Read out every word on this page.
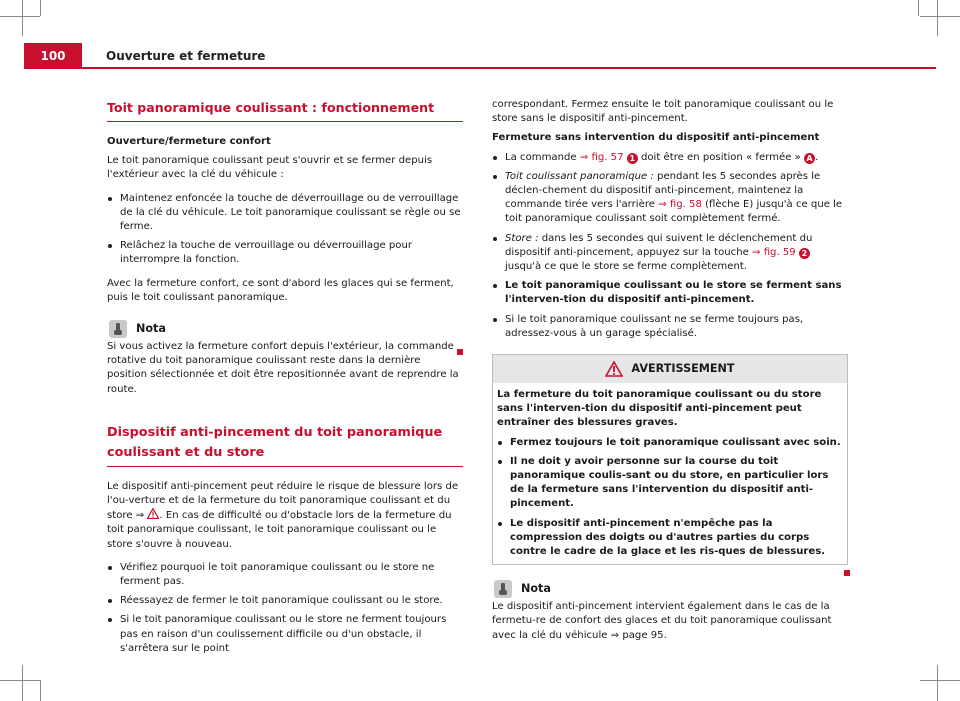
100	Ouverture et fermeture
Toit panoramique coulissant : fonctionnement

Ouverture/fermeture confort

Le toit panoramique coulissant peut s'ouvrir et se fermer depuis l'extérieur avec la clé du véhicule :

Maintenez enfoncée la touche de déverrouillage ou de verrouillage de la clé du véhicule. Le toit panoramique coulissant se règle ou se ferme.

Relâchez la touche de verrouillage ou déverrouillage pour interrompre la fonction.

Avec la fermeture confort, ce sont d'abord les glaces qui se ferment, puis le toit coulissant panoramique.

Nota

Si vous activez la fermeture confort depuis l'extérieur, la commande rotative du toit panoramique coulissant reste dans la dernière position sélectionnée et doit être repositionnée avant de reprendre la route.

Dispositif anti-pincement du toit panoramique coulissant et du store

Le dispositif anti-pincement peut réduire le risque de blessure lors de l'ou-verture et de la fermeture du toit panoramique coulissant et du store ⇒ . En cas de difficulté ou d'obstacle lors de la fermeture du toit panoramique coulissant, le toit panoramique coulissant ou le store s'ouvre à nouveau.

Vérifiez pourquoi le toit panoramique coulissant ou le store ne ferment pas.

Réessayez de fermer le toit panoramique coulissant ou le store.

Si le toit panoramique coulissant ou le store ne ferment toujours pas en raison d'un coulissement difficile ou d'un obstacle, il s'arrêtera sur le point

correspondant. Fermez ensuite le toit panoramique coulissant ou le store sans le dispositif anti-pincement.

Fermeture sans intervention du dispositif anti-pincement

La commande ⇒ fig. 57 1 doit être en position « fermée » A .

Toit coulissant panoramique : pendant les 5 secondes après le déclen-chement du dispositif anti-pincement, maintenez la commande tirée vers l'arrière ⇒ fig. 58 (flèche E) jusqu'à ce que le toit panoramique coulissant soit complètement fermé.

Store : dans les 5 secondes qui suivent le déclenchement du dispositif anti-pincement, appuyez sur la touche ⇒ fig. 59 2 jusqu'à ce que le store se ferme complètement.

Le toit panoramique coulissant ou le store se ferment sans l'interven-tion du dispositif anti-pincement.

Si le toit panoramique coulissant ne se ferme toujours pas, adressez-vous à un garage spécialisé.

AVERTISSEMENT

La fermeture du toit panoramique coulissant ou du store sans l'interven-tion du dispositif anti-pincement peut entraîner des blessures graves.

Fermez toujours le toit panoramique coulissant avec soin.

Il ne doit y avoir personne sur la course du toit panoramique coulis-sant ou du store, en particulier lors de la fermeture sans l'intervention du dispositif anti-pincement.

Le dispositif anti-pincement n'empêche pas la compression des doigts ou d'autres parties du corps contre le cadre de la glace et les ris-ques de blessures.

Nota

Le dispositif anti-pincement intervient également dans le cas de la fermetu-re de confort des glaces et du toit panoramique coulissant avec la clé du véhicule ⇒ page 95.
